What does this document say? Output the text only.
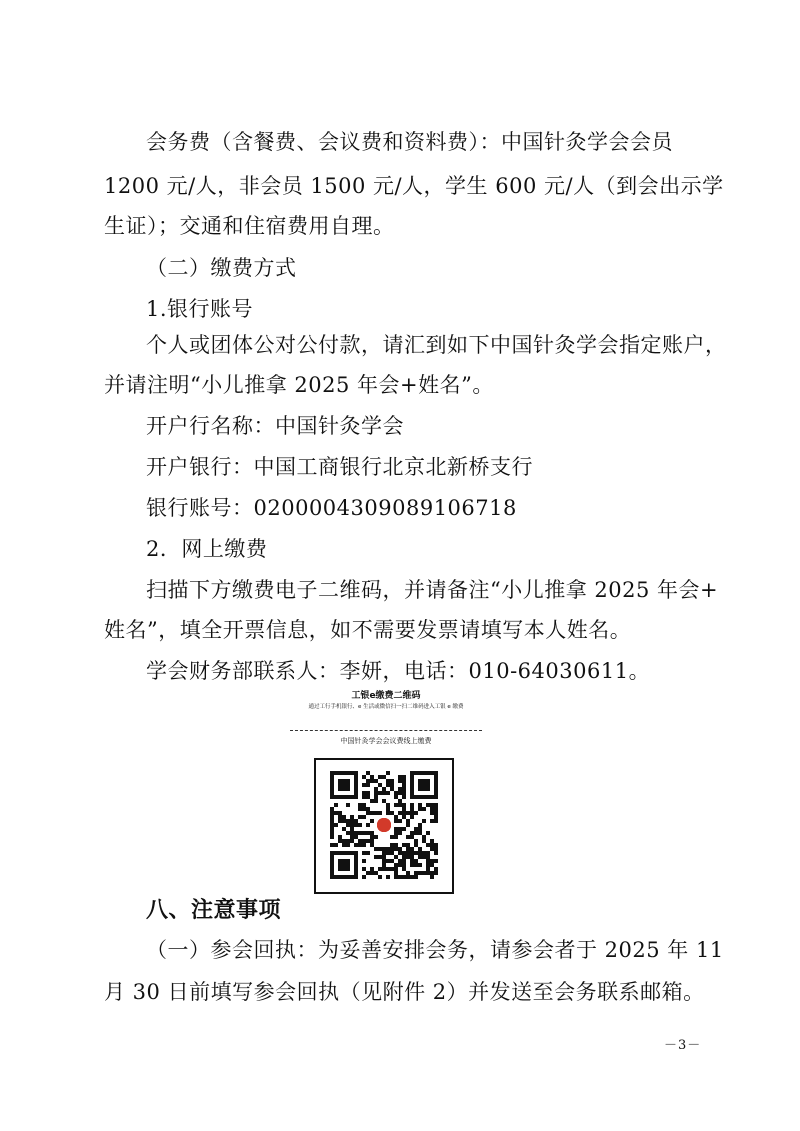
会务费（含餐费、会议费和资料费）：中国针灸学会会员
1200 元/人，非会员 1500 元/人，学生 600 元/人（到会出示学
生证）；交通和住宿费用自理。
（二）缴费方式
1.银行账号
个人或团体公对公付款，请汇到如下中国针灸学会指定账户，
并请注明“小儿推拿 2025 年会+姓名”。
开户行名称：中国针灸学会
开户银行：中国工商银行北京北新桥支行
银行账号：0200004309089106718
2．网上缴费
扫描下方缴费电子二维码，并请备注“小儿推拿 2025 年会+
姓名”，填全开票信息，如不需要发票请填写本人姓名。
学会财务部联系人：李妍，电话：010-64030611。
工银e缴费二维码
通过工行手机银行、e 生活或微信扫一扫二维码进入工银 e 缴费
中国针灸学会会议费线上缴费
八、注意事项
（一）参会回执：为妥善安排会务，请参会者于 2025 年 11
月 30 日前填写参会回执（见附件 2）并发送至会务联系邮箱。
－3－
